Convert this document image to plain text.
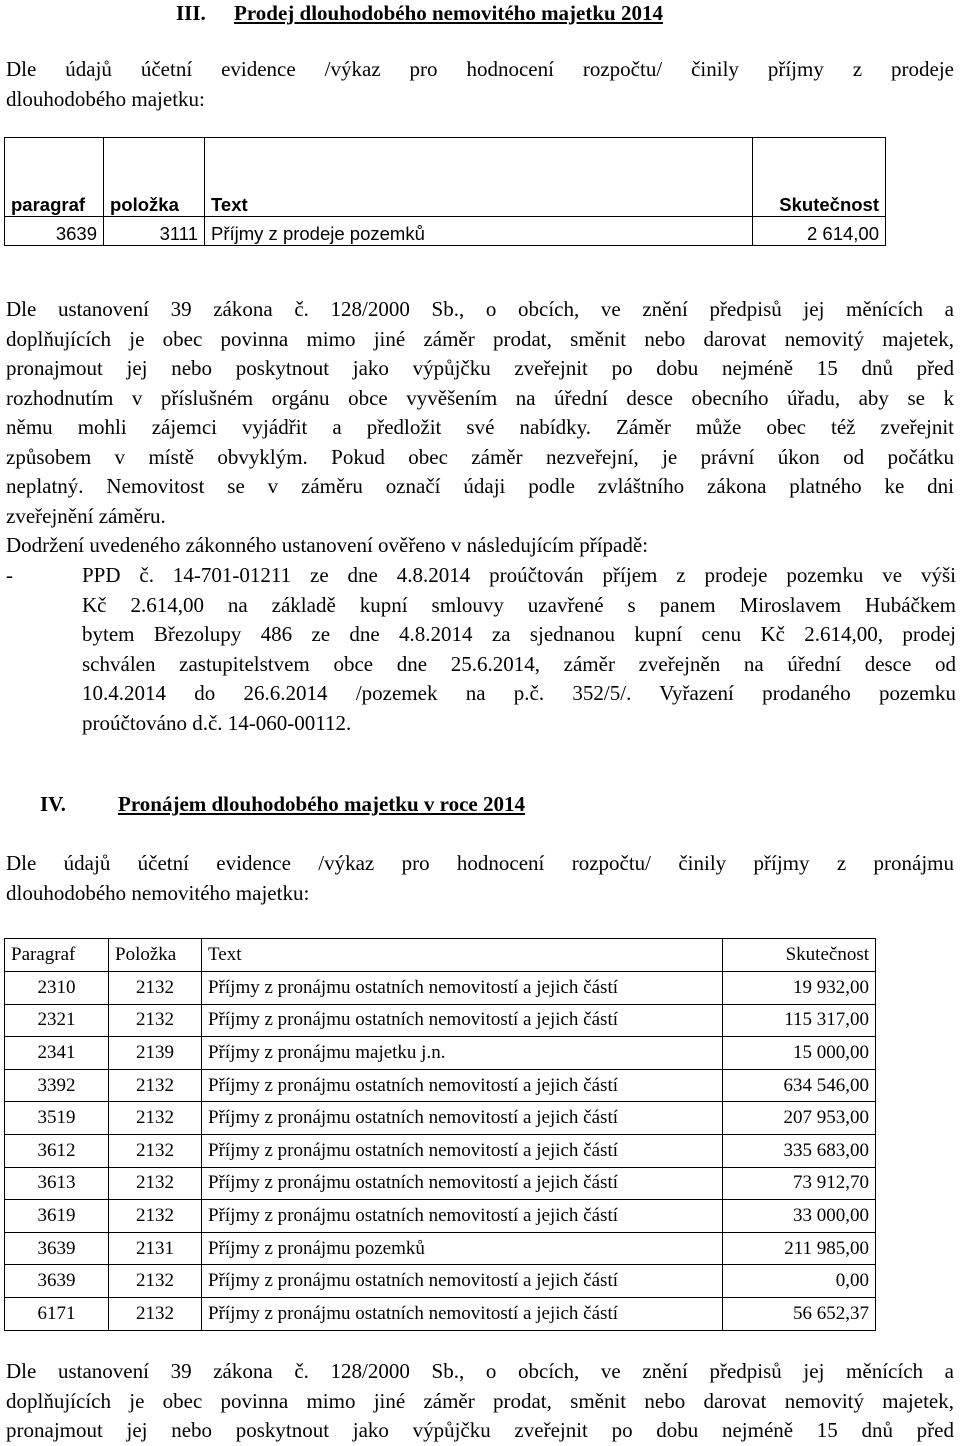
III. Prodej dlouhodobého nemovitého majetku 2014
Dle údajů účetní evidence /výkaz pro hodnocení rozpočtu/ činily příjmy z prodeje
dlouhodobého majetku:

paragraf	položka	Text	Skutečnost
3639	3111	Příjmy z prodeje pozemků	2 614,00
Dle ustanovení 39 zákona č. 128/2000 Sb., o obcích, ve znění předpisů jej měnících a
doplňujících je obec povinna mimo jiné záměr prodat, směnit nebo darovat nemovitý majetek,
pronajmout jej nebo poskytnout jako výpůjčku zveřejnit po dobu nejméně 15 dnů před
rozhodnutím v příslušném orgánu obce vyvěšením na úřední desce obecního úřadu, aby se k
němu mohli zájemci vyjádřit a předložit své nabídky. Záměr může obec též zveřejnit
způsobem v místě obvyklým. Pokud obec záměr nezveřejní, je právní úkon od počátku
neplatný. Nemovitost se v záměru označí údaji podle zvláštního zákona platného ke dni
zveřejnění záměru.
Dodržení uvedeného zákonného ustanovení ověřeno v následujícím případě:
-	PPD č. 14-701-01211 ze dne 4.8.2014 proúčtován příjem z prodeje pozemku ve výši
Kč 2.614,00 na základě kupní smlouvy uzavřené s panem Miroslavem Hubáčkem
bytem Březolupy 486 ze dne 4.8.2014 za sjednanou kupní cenu Kč 2.614,00, prodej
schválen zastupitelstvem obce dne 25.6.2014, záměr zveřejněn na úřední desce od
10.4.2014 do 26.6.2014 /pozemek na p.č. 352/5/. Vyřazení prodaného pozemku
proúčtováno d.č. 14-060-00112.
IV. Pronájem dlouhodobého majetku v roce 2014
Dle údajů účetní evidence /výkaz pro hodnocení rozpočtu/ činily příjmy z pronájmu
dlouhodobého nemovitého majetku:
Paragraf	Položka	Text	Skutečnost
2310	2132	Příjmy z pronájmu ostatních nemovitostí a jejich částí	19 932,00
2321	2132	Příjmy z pronájmu ostatních nemovitostí a jejich částí	115 317,00
2341	2139	Příjmy z pronájmu majetku j.n.	15 000,00
3392	2132	Příjmy z pronájmu ostatních nemovitostí a jejich částí	634 546,00
3519	2132	Příjmy z pronájmu ostatních nemovitostí a jejich částí	207 953,00
3612	2132	Příjmy z pronájmu ostatních nemovitostí a jejich částí	335 683,00
3613	2132	Příjmy z pronájmu ostatních nemovitostí a jejich částí	73 912,70
3619	2132	Příjmy z pronájmu ostatních nemovitostí a jejich částí	33 000,00
3639	2131	Příjmy z pronájmu pozemků	211 985,00
3639	2132	Příjmy z pronájmu ostatních nemovitostí a jejich částí	0,00
6171	2132	Příjmy z pronájmu ostatních nemovitostí a jejich částí	56 652,37
Dle ustanovení 39 zákona č. 128/2000 Sb., o obcích, ve znění předpisů jej měnících a
doplňujících je obec povinna mimo jiné záměr prodat, směnit nebo darovat nemovitý majetek,
pronajmout jej nebo poskytnout jako výpůjčku zveřejnit po dobu nejméně 15 dnů před
